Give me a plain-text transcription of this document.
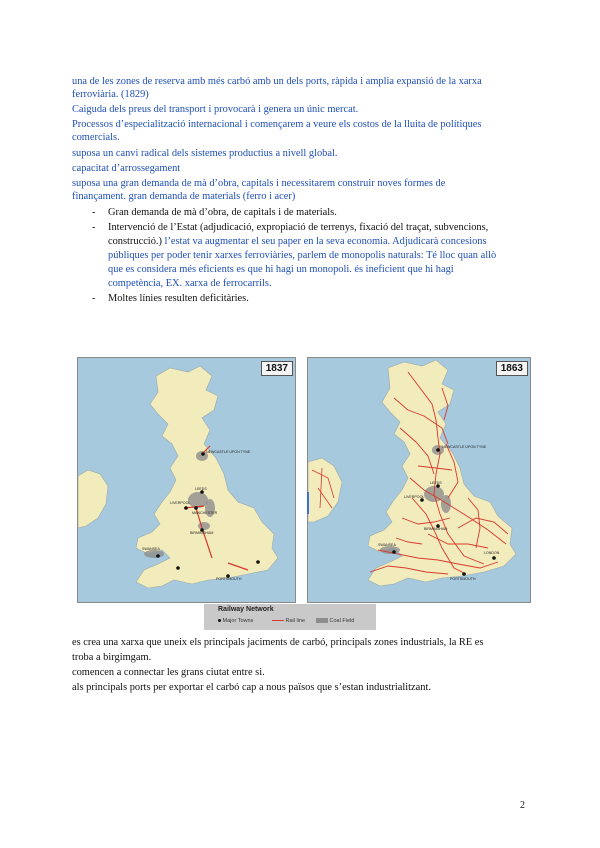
una de les zones de reserva amb més carbó amb un dels ports, ràpida i amplia expansió de la xarxa
ferroviària. (1829)
Caiguda dels preus del transport i provocarà i genera un únic mercat.
Processos d’especialització internacional i començarem a veure els costos de la lluita de polítiques
comercials.
suposa un canvi radical dels sistemes productius a nivell global.
capacitat d’arrossegament
suposa una gran demanda de mà d’obra, capitals i necessitarem construir noves formes de
finançament. gran demanda de materials (ferro i acer)
- Gran demanda de mà d’obra, de capitals i de materials.
- Intervenció de l’Estat (adjudicació, expropiació de terrenys, fixació del traçat, subvencions,
construcció.) l’estat va augmentar el seu paper en la seva economia. Adjudicarà concesions
públiques per poder tenir xarxes ferroviàries, parlem de monopolis naturals: Té lloc quan allò
que es considera més eficients es que hi hagi un monopoli. és ineficient que hi hagi
competència, EX. xarxa de ferrocarrils.
- Moltes línies resulten deficitàries.
NEWCASTLE UPON TYNE
LEEDS
LIVERPOOL
MANCHESTER
BIRMINGHAM
SWANSEA
PORTSMOUTH
1837
NEWCASTLE UPON TYNE
LEEDS
LIVERPOOL
BIRMINGHAM
SWANSEA
LONDON
PORTSMOUTH
1863
Railway Network
Major Towns	Rail line	Coal Field
es crea una xarxa que uneix els principals jaciments de carbó, principals zones industrials, la RE es
troba a birgimgam.
comencen a connectar les grans ciutat entre si.
als principals ports per exportar el carbó cap a nous països que s’estan industrialitzant.
2
